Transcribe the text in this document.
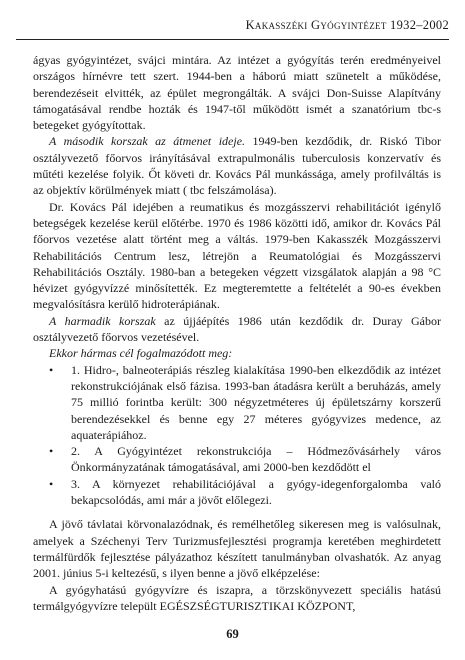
Kakasszéki Gyógyintézet 1932–2002

ágyas gyógyintézet, svájci mintára. Az intézet a gyógyítás terén eredményeivel országos hírnévre tett szert. 1944-ben a háború miatt szünetelt a működése, berendezéseit elvitték, az épület megrongálták. A svájci Don-Suisse Alapítvány támogatásával rendbe hozták és 1947-től működött ismét a szanatórium tbc-s betegeket gyógyítottak.

A második korszak az átmenet ideje. 1949-ben kezdődik, dr. Riskó Tibor osztályvezető főorvos irányításával extrapulmonális tuberculosis konzervatív és műtéti kezelése folyik. Őt követi dr. Kovács Pál munkássága, amely profilváltás is az objektív körülmények miatt ( tbc felszámolása).

Dr. Kovács Pál idejében a reumatikus és mozgásszervi rehabilitációt igénylő betegségek kezelése kerül előtérbe. 1970 és 1986 közötti idő, amikor dr. Kovács Pál főorvos vezetése alatt történt meg a váltás. 1979-ben Kakasszék Mozgásszervi Rehabilitációs Centrum lesz, létrejön a Reumatológiai és Mozgásszervi Rehabilitációs Osztály. 1980-ban a betegeken végzett vizsgálatok alapján a 98 °C hévizet gyógyvízzé minősítették. Ez megteremtette a feltételét a 90-es években megvalósításra kerülő hidroterápiának.

A harmadik korszak az újjáépítés 1986 után kezdődik dr. Duray Gábor osztályvezető főorvos vezetésével.

Ekkor hármas cél fogalmazódott meg:

• 1. Hidro-, balneoterápiás részleg kialakítása 1990-ben elkezdődik az intézet rekonstrukciójának első fázisa. 1993-ban átadásra került a beruházás, amely 75 millió forintba került: 300 négyzetméteres új épületszárny korszerű berendezésekkel és benne egy 27 méteres gyógyvizes medence, az aquaterápiához.
• 2. A Gyógyintézet rekonstrukciója – Hódmezővásárhely város Önkormányzatának támogatásával, ami 2000-ben kezdődött el
• 3. A környezet rehabilitációjával a gyógy-idegenforgalomba való bekapcsolódás, ami már a jövőt előlegezi.

A jövő távlatai körvonalazódnak, és remélhetőleg sikeresen meg is valósulnak, amelyek a Széchenyi Terv Turizmusfejlesztési programja keretében meghirdetett termálfürdők fejlesztése pályázathoz készített tanulmányban olvashatók. Az anyag 2001. június 5-i keltezésű, s ilyen benne a jövő elképzelése:

A gyógyhatású gyógyvízre és iszapra, a törzskönyvezett speciális hatású termálgyógyvízre települt EGÉSZSÉGTURISZTIKAI KÖZPONT,

69
